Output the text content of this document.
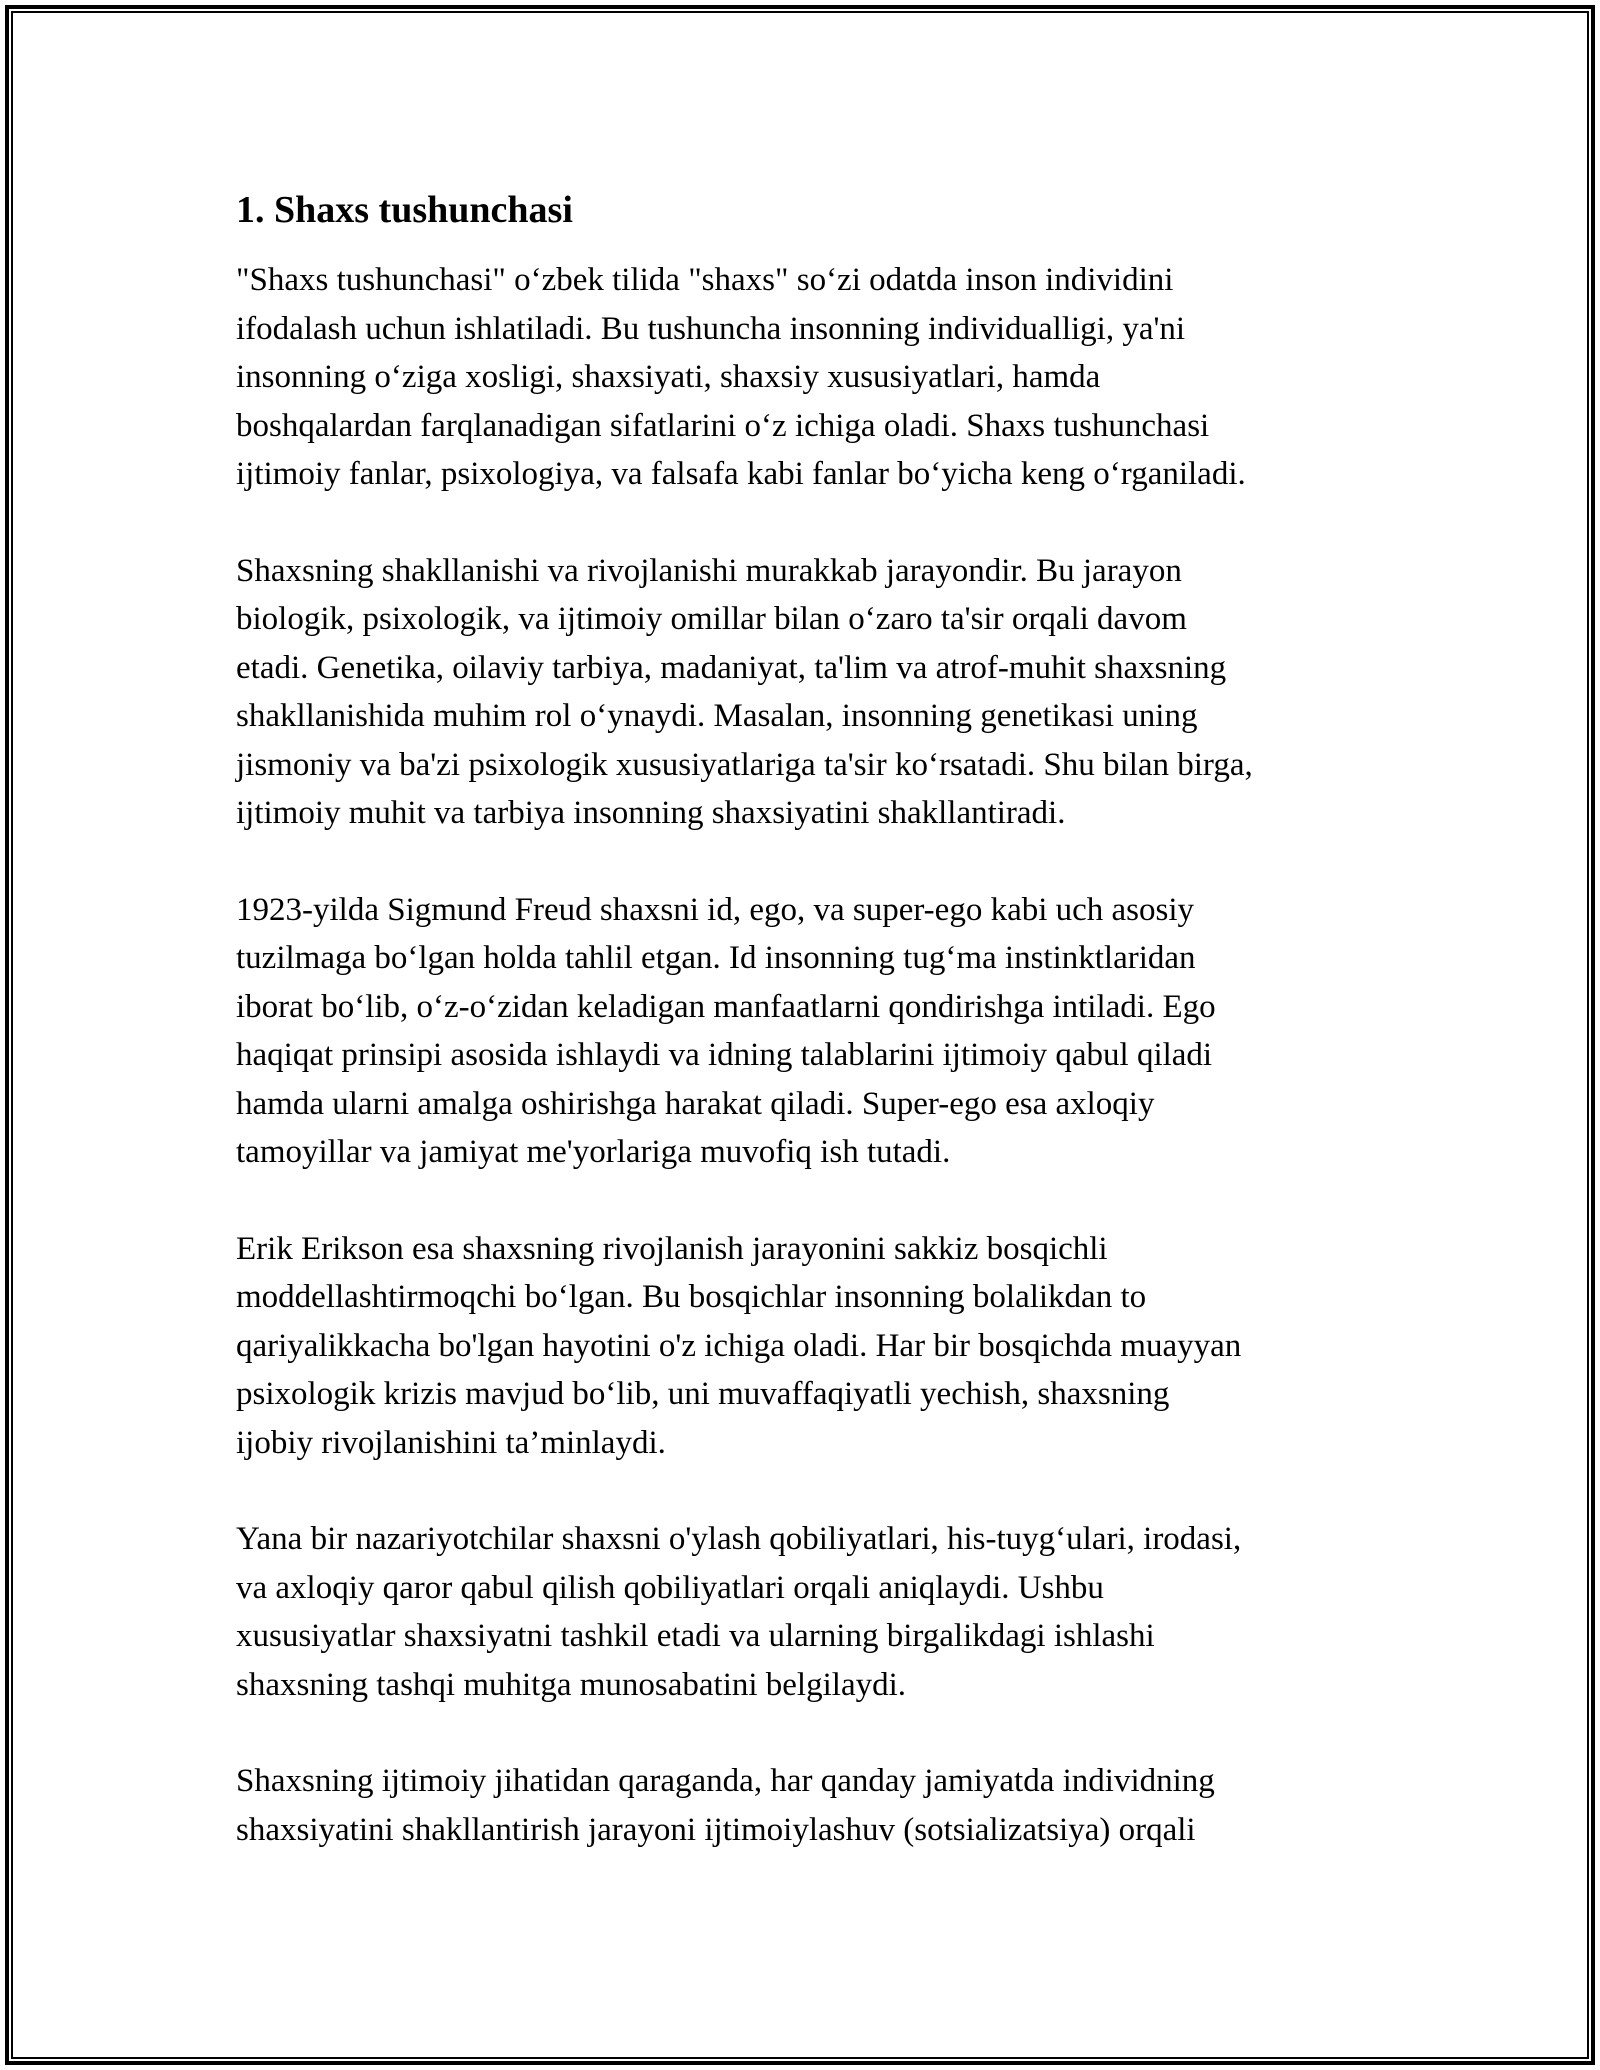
1. Shaxs tushunchasi

"Shaxs tushunchasi" o‘zbek tilida "shaxs" so‘zi odatda inson individini
ifodalash uchun ishlatiladi. Bu tushuncha insonning individualligi, ya'ni
insonning o‘ziga xosligi, shaxsiyati, shaxsiy xususiyatlari, hamda
boshqalardan farqlanadigan sifatlarini o‘z ichiga oladi. Shaxs tushunchasi
ijtimoiy fanlar, psixologiya, va falsafa kabi fanlar bo‘yicha keng o‘rganiladi.

Shaxsning shakllanishi va rivojlanishi murakkab jarayondir. Bu jarayon
biologik, psixologik, va ijtimoiy omillar bilan o‘zaro ta'sir orqali davom
etadi. Genetika, oilaviy tarbiya, madaniyat, ta'lim va atrof-muhit shaxsning
shakllanishida muhim rol o‘ynaydi. Masalan, insonning genetikasi uning
jismoniy va ba'zi psixologik xususiyatlariga ta'sir ko‘rsatadi. Shu bilan birga,
ijtimoiy muhit va tarbiya insonning shaxsiyatini shakllantiradi.

1923-yilda Sigmund Freud shaxsni id, ego, va super-ego kabi uch asosiy
tuzilmaga bo‘lgan holda tahlil etgan. Id insonning tug‘ma instinktlaridan
iborat bo‘lib, o‘z-o‘zidan keladigan manfaatlarni qondirishga intiladi. Ego
haqiqat prinsipi asosida ishlaydi va idning talablarini ijtimoiy qabul qiladi
hamda ularni amalga oshirishga harakat qiladi. Super-ego esa axloqiy
tamoyillar va jamiyat me'yorlariga muvofiq ish tutadi.

Erik Erikson esa shaxsning rivojlanish jarayonini sakkiz bosqichli
moddellashtirmoqchi bo‘lgan. Bu bosqichlar insonning bolalikdan to
qariyalikkacha bo'lgan hayotini o'z ichiga oladi. Har bir bosqichda muayyan
psixologik krizis mavjud bo‘lib, uni muvaffaqiyatli yechish, shaxsning
ijobiy rivojlanishini ta’minlaydi.

Yana bir nazariyotchilar shaxsni o'ylash qobiliyatlari, his-tuyg‘ulari, irodasi,
va axloqiy qaror qabul qilish qobiliyatlari orqali aniqlaydi. Ushbu
xususiyatlar shaxsiyatni tashkil etadi va ularning birgalikdagi ishlashi
shaxsning tashqi muhitga munosabatini belgilaydi.

Shaxsning ijtimoiy jihatidan qaraganda, har qanday jamiyatda individning
shaxsiyatini shakllantirish jarayoni ijtimoiylashuv (sotsializatsiya) orqali
